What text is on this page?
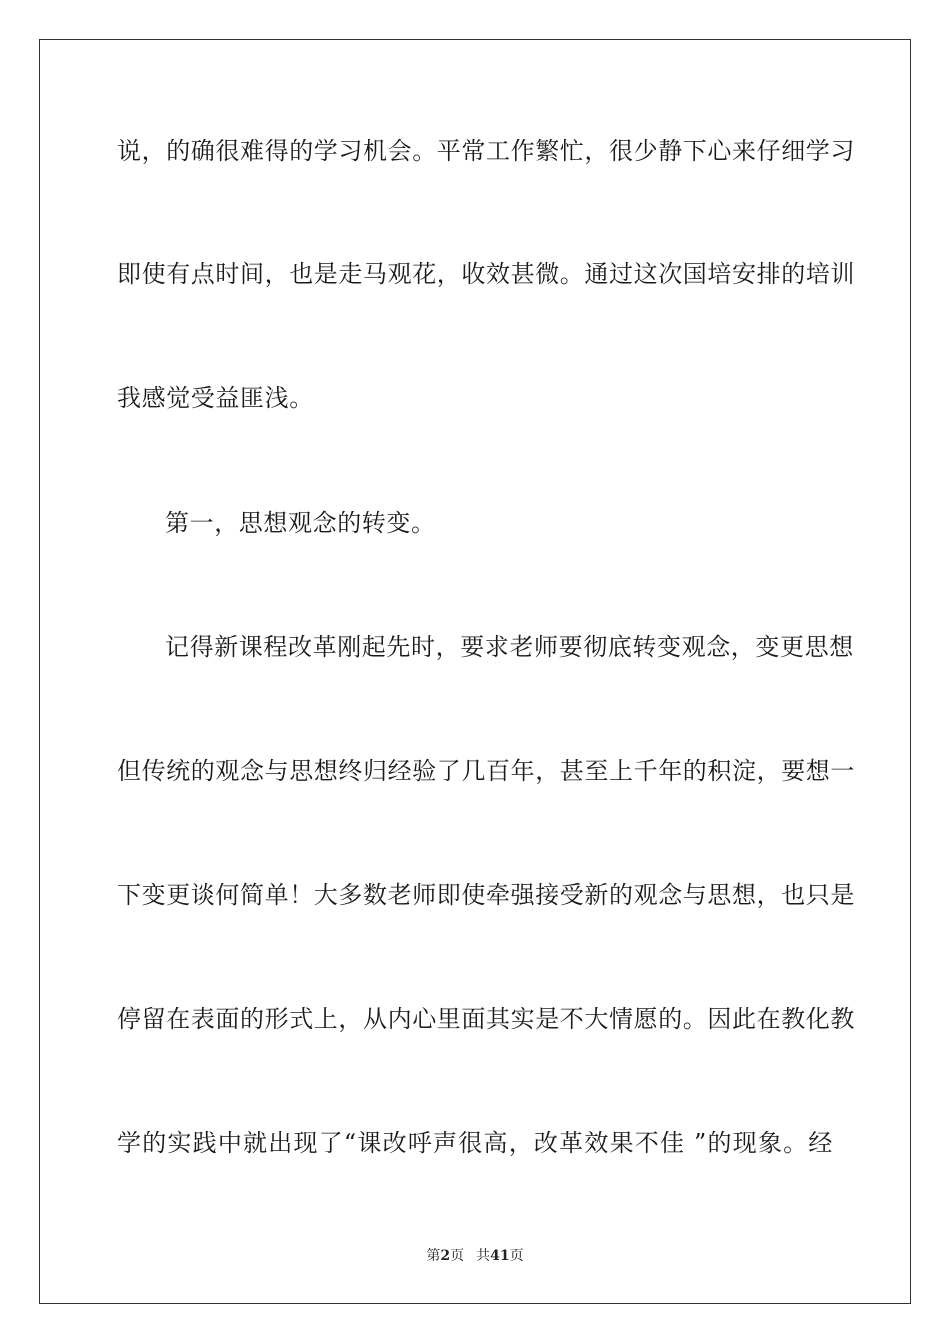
说，的确很难得的学习机会。平常工作繁忙，很少静下心来仔细学习
即使有点时间，也是走马观花，收效甚微。通过这次国培安排的培训
我感觉受益匪浅。
第一，思想观念的转变。
记得新课程改革刚起先时，要求老师要彻底转变观念，变更思想
但传统的观念与思想终归经验了几百年，甚至上千年的积淀，要想一
下变更谈何简单！大多数老师即使牵强接受新的观念与思想，也只是
停留在表面的形式上，从内心里面其实是不大情愿的。因此在教化教
学的实践中就出现了“课改呼声很高，改革效果不佳 ”的现象。经
第2页 共41页
